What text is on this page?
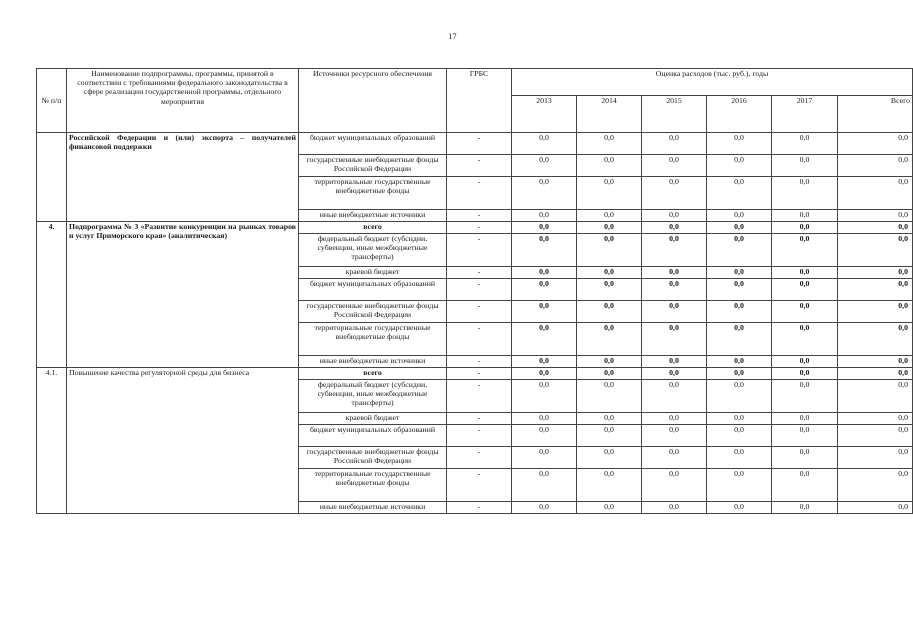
17
№ п/п	Наименование подпрограммы, программы, принятой в соответствии с требованиями федерального законодательства в сфере реализации государственной программы, отдельного мероприятия	Источники ресурсного обеспечения	ГРБС	Оценка расходов (тыс. руб.), годы					
				2013	2014	2015	2016	2017	Всего
	Российской Федерации и (или) экспорта – получателей финансовой поддержки	бюджет муниципальных образований	-	0,0	0,0	0,0	0,0	0,0	0,0
		государственные внебюджетные фонды Российской Федерации	-	0,0	0,0	0,0	0,0	0,0	0,0
		территориальные государственные внебюджетные фонды	-	0,0	0,0	0,0	0,0	0,0	0,0
		иные внебюджетные источники	-	0,0	0,0	0,0	0,0	0,0	0,0
4.	Подпрограмма № 3 «Развитие конкуренции на рынках товаров и услуг Приморского края» (аналитическая)	всего	-	0,0	0,0	0,0	0,0	0,0	0,0
		федеральный бюджет (субсидии, субвенции, иные межбюджетные трансферты)	-	0,0	0,0	0,0	0,0	0,0	0,0
		краевой бюджет	-	0,0	0,0	0,0	0,0	0,0	0,0
		бюджет муниципальных образований	-	0,0	0,0	0,0	0,0	0,0	0,0
		государственные внебюджетные фонды Российской Федерации	-	0,0	0,0	0,0	0,0	0,0	0,0
		территориальные государственные внебюджетные фонды	-	0,0	0,0	0,0	0,0	0,0	0,0
		иные внебюджетные источники	-	0,0	0,0	0,0	0,0	0,0	0,0
4.1.	Повышение качества регуляторной среды для бизнеса	всего	-	0,0	0,0	0,0	0,0	0,0	0,0
		федеральный бюджет (субсидии, субвенции, иные межбюджетные трансферты)	-	0,0	0,0	0,0	0,0	0,0	0,0
		краевой бюджет	-	0,0	0,0	0,0	0,0	0,0	0,0
		бюджет муниципальных образований	-	0,0	0,0	0,0	0,0	0,0	0,0
		государственные внебюджетные фонды Российской Федерации	-	0,0	0,0	0,0	0,0	0,0	0,0
		территориальные государственные внебюджетные фонды	-	0,0	0,0	0,0	0,0	0,0	0,0
		иные внебюджетные источники	-	0,0	0,0	0,0	0,0	0,0	0,0
